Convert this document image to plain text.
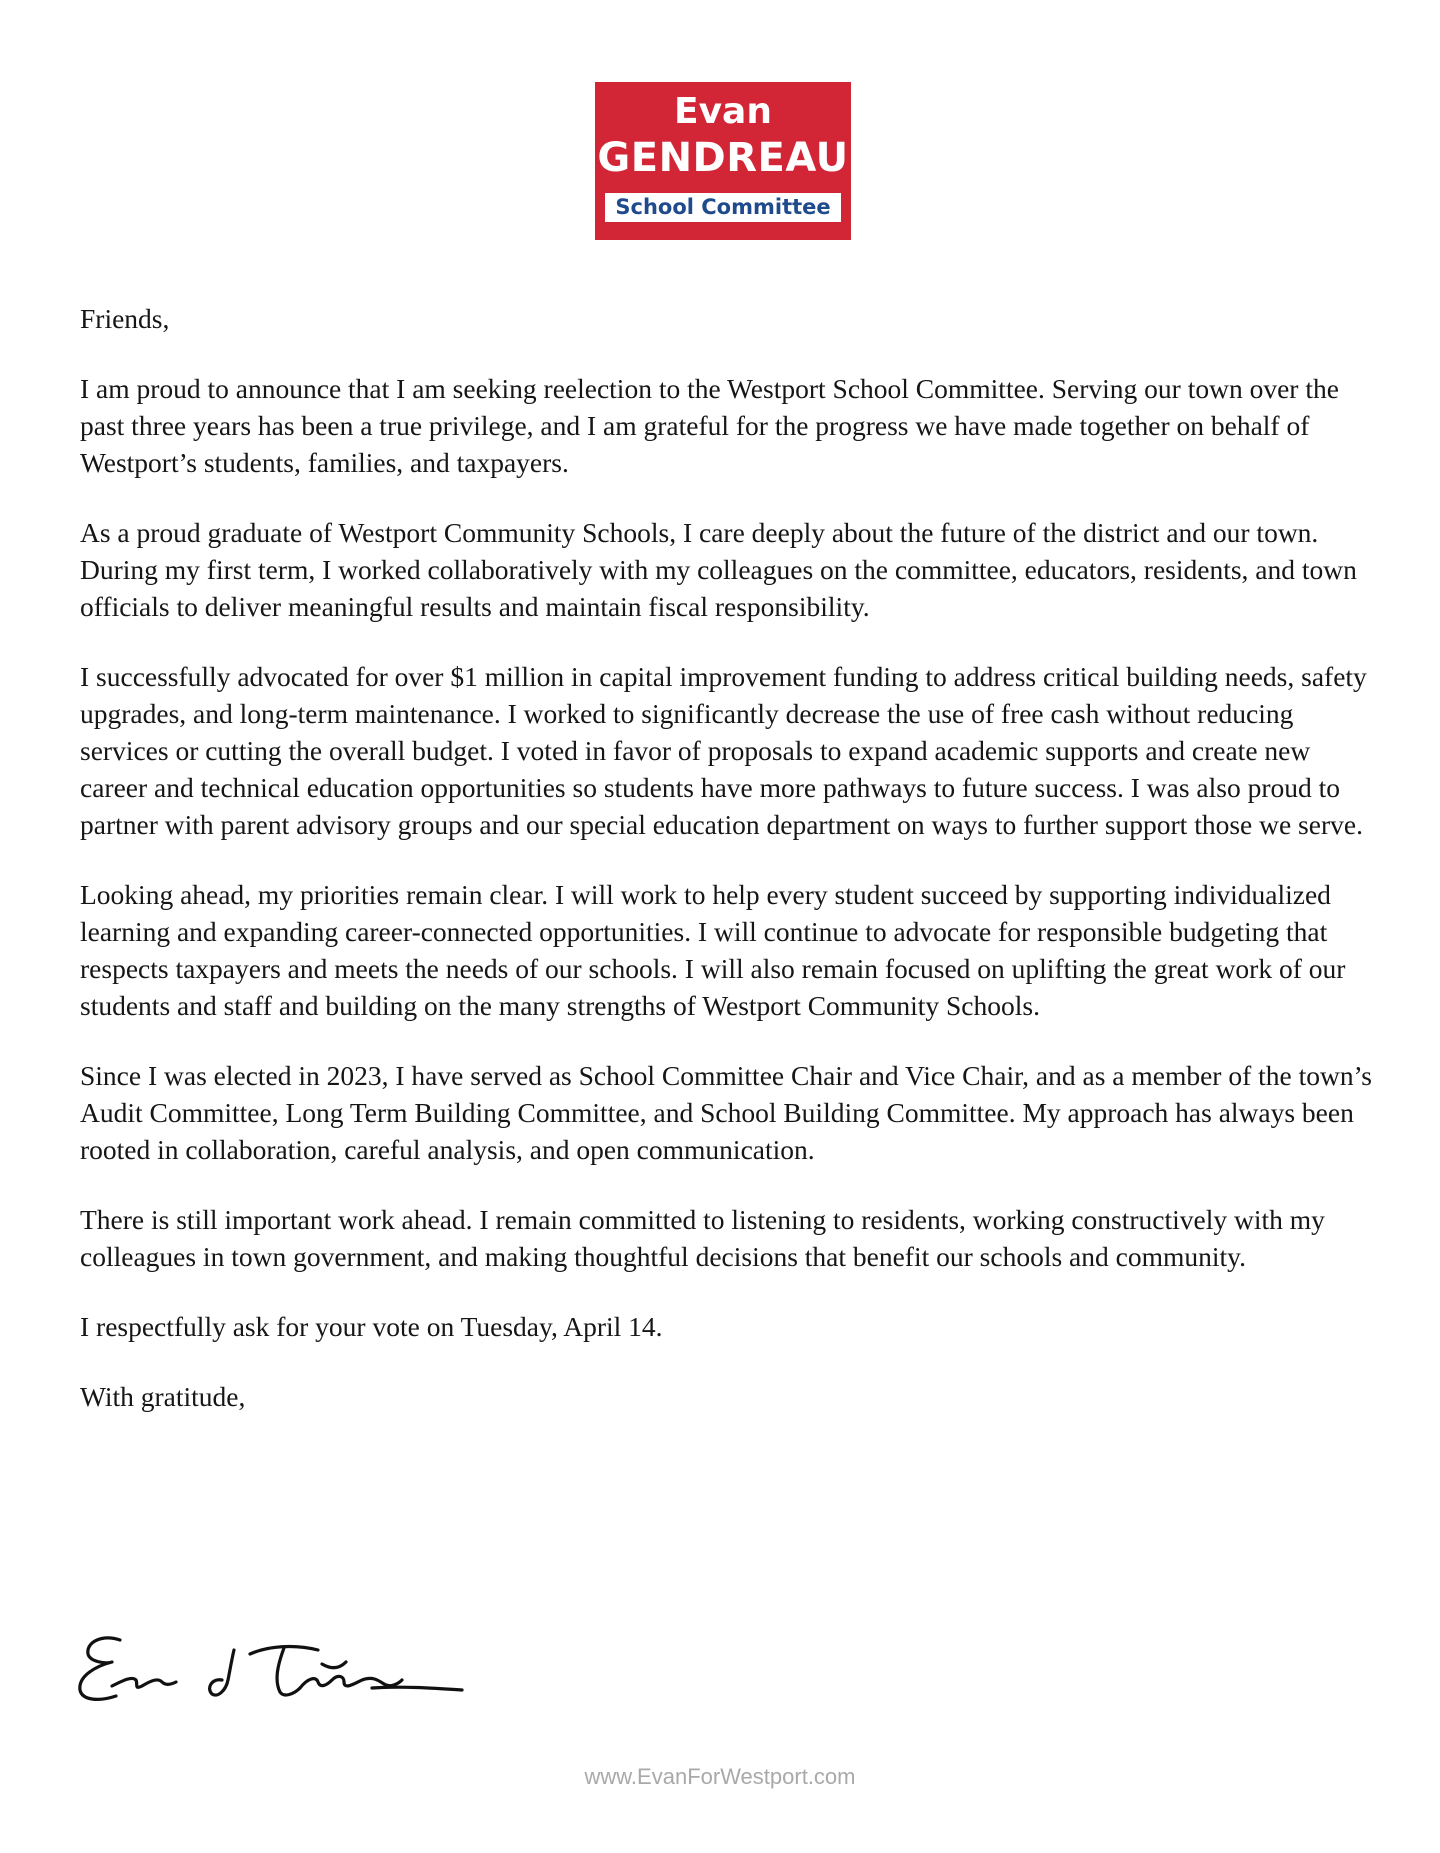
Evan
GENDREAU
School Committee

Friends,

I am proud to announce that I am seeking reelection to the Westport School Committee. Serving our town over the past three years has been a true privilege, and I am grateful for the progress we have made together on behalf of Westport’s students, families, and taxpayers.

As a proud graduate of Westport Community Schools, I care deeply about the future of the district and our town. During my first term, I worked collaboratively with my colleagues on the committee, educators, residents, and town officials to deliver meaningful results and maintain fiscal responsibility.

I successfully advocated for over $1 million in capital improvement funding to address critical building needs, safety upgrades, and long-term maintenance. I worked to significantly decrease the use of free cash without reducing services or cutting the overall budget. I voted in favor of proposals to expand academic supports and create new career and technical education opportunities so students have more pathways to future success. I was also proud to partner with parent advisory groups and our special education department on ways to further support those we serve.

Looking ahead, my priorities remain clear. I will work to help every student succeed by supporting individualized learning and expanding career-connected opportunities. I will continue to advocate for responsible budgeting that respects taxpayers and meets the needs of our schools. I will also remain focused on uplifting the great work of our students and staff and building on the many strengths of Westport Community Schools.

Since I was elected in 2023, I have served as School Committee Chair and Vice Chair, and as a member of the town’s Audit Committee, Long Term Building Committee, and School Building Committee. My approach has always been rooted in collaboration, careful analysis, and open communication.

There is still important work ahead. I remain committed to listening to residents, working constructively with my colleagues in town government, and making thoughtful decisions that benefit our schools and community.

I respectfully ask for your vote on Tuesday, April 14.

With gratitude,

www.EvanForWestport.com
